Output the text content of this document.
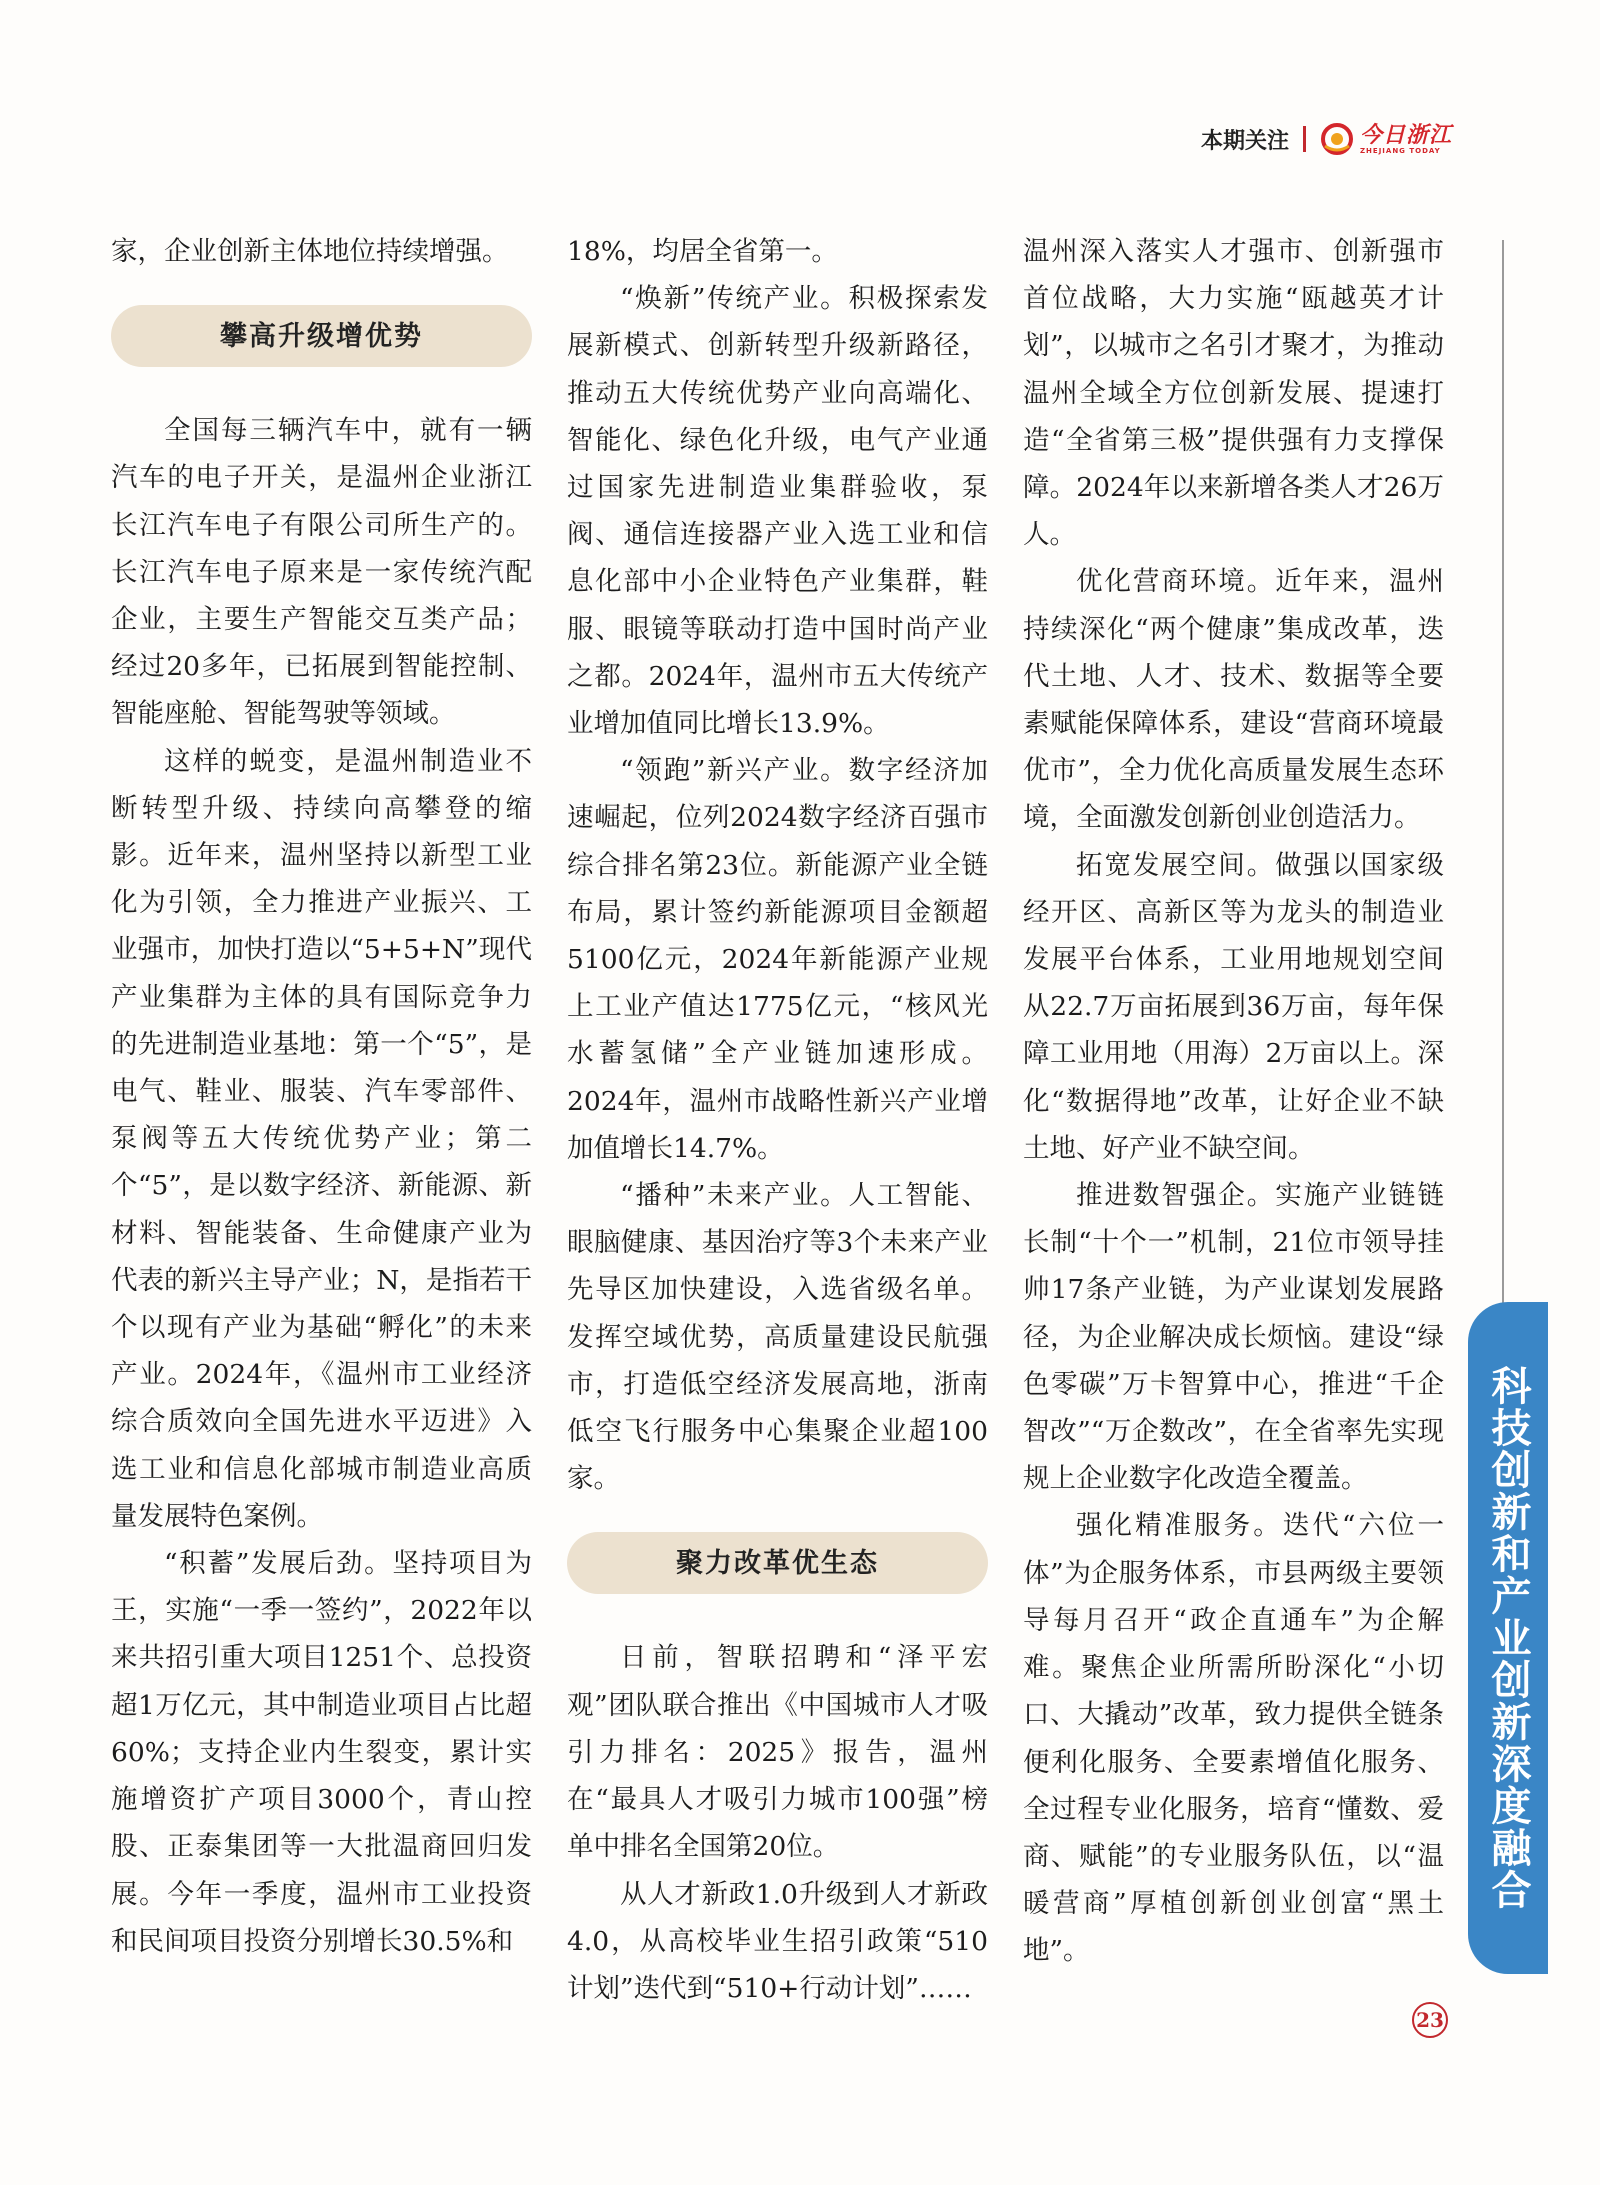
本期关注	今日浙江
ZHEJIANG TODAY

家，企业创新主体地位持续增强。

攀高升级增优势

全国每三辆汽车中，就有一辆汽车的电子开关，是温州企业浙江长江汽车电子有限公司所生产的。长江汽车电子原来是一家传统汽配企业，主要生产智能交互类产品；经过20多年，已拓展到智能控制、智能座舱、智能驾驶等领域。

这样的蜕变，是温州制造业不断转型升级、持续向高攀登的缩影。近年来，温州坚持以新型工业化为引领，全力推进产业振兴、工业强市，加快打造以“5+5+N”现代产业集群为主体的具有国际竞争力的先进制造业基地：第一个“5”，是电气、鞋业、服装、汽车零部件、泵阀等五大传统优势产业；第二个“5”，是以数字经济、新能源、新材料、智能装备、生命健康产业为代表的新兴主导产业；N，是指若干个以现有产业为基础“孵化”的未来产业。2024年，《温州市工业经济综合质效向全国先进水平迈进》入选工业和信息化部城市制造业高质量发展特色案例。

“积蓄”发展后劲。坚持项目为王，实施“一季一签约”，2022年以来共招引重大项目1251个、总投资超1万亿元，其中制造业项目占比超60%；支持企业内生裂变，累计实施增资扩产项目3000个，青山控股、正泰集团等一大批温商回归发展。今年一季度，温州市工业投资和民间项目投资分别增长30.5%和

18%，均居全省第一。

“焕新”传统产业。积极探索发展新模式、创新转型升级新路径，推动五大传统优势产业向高端化、智能化、绿色化升级，电气产业通过国家先进制造业集群验收，泵阀、通信连接器产业入选工业和信息化部中小企业特色产业集群，鞋服、眼镜等联动打造中国时尚产业之都。2024年，温州市五大传统产业增加值同比增长13.9%。

“领跑”新兴产业。数字经济加速崛起，位列2024数字经济百强市综合排名第23位。新能源产业全链布局，累计签约新能源项目金额超5100亿元，2024年新能源产业规上工业产值达1775亿元，“核风光水蓄氢储”全产业链加速形成。2024年，温州市战略性新兴产业增加值增长14.7%。

“播种”未来产业。人工智能、眼脑健康、基因治疗等3个未来产业先导区加快建设，入选省级名单。发挥空域优势，高质量建设民航强市，打造低空经济发展高地，浙南低空飞行服务中心集聚企业超100家。

聚力改革优生态

日前，智联招聘和“泽平宏观”团队联合推出《中国城市人才吸引力排名：2025》报告，温州在“最具人才吸引力城市100强”榜单中排名全国第20位。

从人才新政1.0升级到人才新政4.0，从高校毕业生招引政策“510计划”迭代到“510+行动计划”……

温州深入落实人才强市、创新强市首位战略，大力实施“瓯越英才计划”，以城市之名引才聚才，为推动温州全域全方位创新发展、提速打造“全省第三极”提供强有力支撑保障。2024年以来新增各类人才26万人。

优化营商环境。近年来，温州持续深化“两个健康”集成改革，迭代土地、人才、技术、数据等全要素赋能保障体系，建设“营商环境最优市”，全力优化高质量发展生态环境，全面激发创新创业创造活力。

拓宽发展空间。做强以国家级经开区、高新区等为龙头的制造业发展平台体系，工业用地规划空间从22.7万亩拓展到36万亩，每年保障工业用地（用海）2万亩以上。深化“数据得地”改革，让好企业不缺土地、好产业不缺空间。

推进数智强企。实施产业链链长制“十个一”机制，21位市领导挂帅17条产业链，为产业谋划发展路径，为企业解决成长烦恼。建设“绿色零碳”万卡智算中心，推进“千企智改”“万企数改”，在全省率先实现规上企业数字化改造全覆盖。

强化精准服务。迭代“六位一体”为企服务体系，市县两级主要领导每月召开“政企直通车”为企解难。聚焦企业所需所盼深化“小切口、大撬动”改革，致力提供全链条便利化服务、全要素增值化服务、全过程专业化服务，培育“懂数、爱商、赋能”的专业服务队伍，以“温暖营商”厚植创新创业创富“黑土地”。

科技创新和产业创新深度融合
23
